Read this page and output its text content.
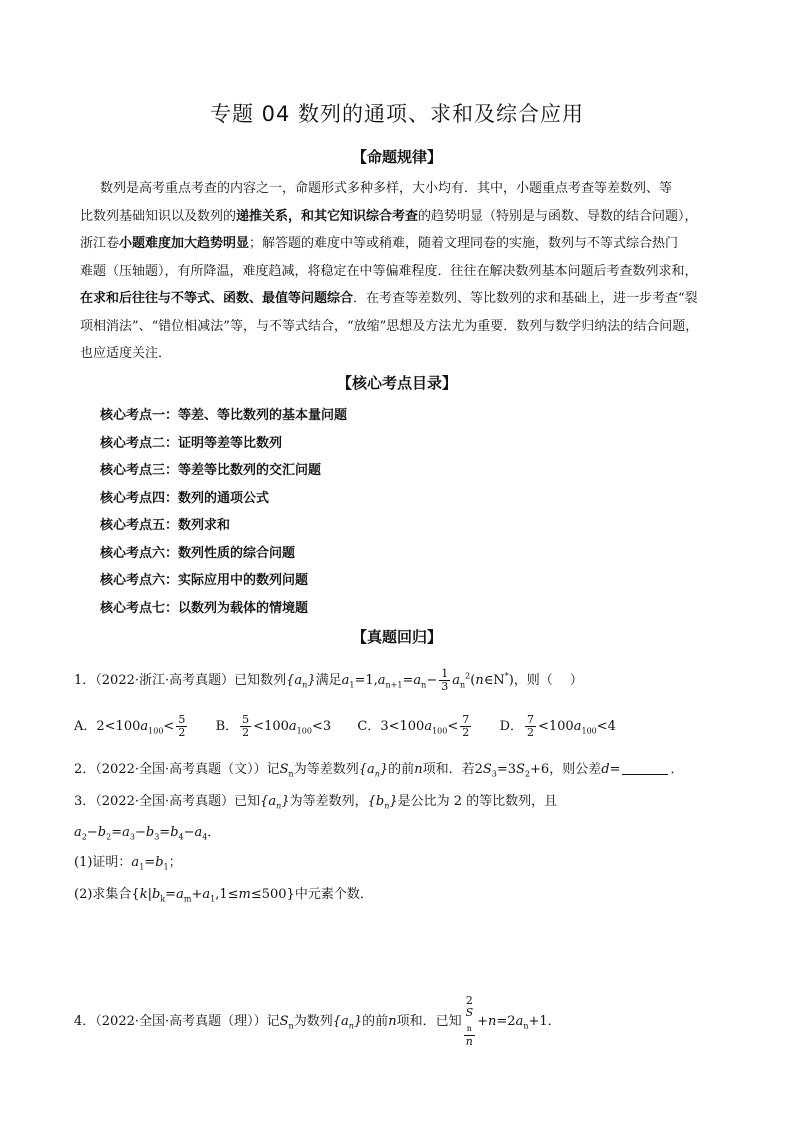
专题 04 数列的通项、求和及综合应用
【命题规律】
数列是高考重点考查的内容之一，命题形式多种多样，大小均有．其中，小题重点考查等差数列、等
比数列基础知识以及数列的递推关系，和其它知识综合考查的趋势明显（特别是与函数、导数的结合问题），
浙江卷小题难度加大趋势明显；解答题的难度中等或稍难，随着文理同卷的实施，数列与不等式综合热门
难题（压轴题），有所降温，难度趋减，将稳定在中等偏难程度．往往在解决数列基本问题后考查数列求和，
在求和后往往与不等式、函数、最值等问题综合．在考查等差数列、等比数列的求和基础上，进一步考查“裂
项相消法”、“错位相减法”等，与不等式结合，“放缩”思想及方法尤为重要．数列与数学归纳法的结合问题，
也应适度关注．
【核心考点目录】
核心考点一：等差、等比数列的基本量问题
核心考点二：证明等差等比数列
核心考点三：等差等比数列的交汇问题
核心考点四：数列的通项公式
核心考点五：数列求和
核心考点六：数列性质的综合问题
核心考点六：实际应用中的数列问题
核心考点七：以数列为载体的情境题
【真题回归】
1．（2022·浙江·高考真题）已知数列$\{a_n\}$满足$a_1=1,a_{n+1}=a_n- \frac{1}{3}$ $a_n^2(n\in N^*)$，则（　 ）
A．$2<100a_{100}< \frac{5}{2}$ B． $\frac{5}{2} <100a_{100}<3$ C．$3<100a_{100}< \frac{7}{2}$ D． $\frac{7}{2} <100a_{100}<4$
2．（2022·全国·高考真题（文））记$S_n$为等差数列$\{a_n\}$的前n项和．若$2S_3=3S_2+6$，则公差d=	．
3．（2022·全国·高考真题）已知$\{a_n\}$为等差数列，$\{b_n\}$是公比为 2 的等比数列，且
$a_2-b_2=a_3-b_3=b_4-a_4$．
(1)证明：$a_1=b_1$；
(2)求集合$\{k|b_k=a_m+a_1,1\le m\le 500\}$中元素个数．
4．（2022·全国·高考真题（理））记$S_n$为数列$\{a_n\}$的前n项和．已知 2
S
$_n$
$n +n=2a_n+1$．
